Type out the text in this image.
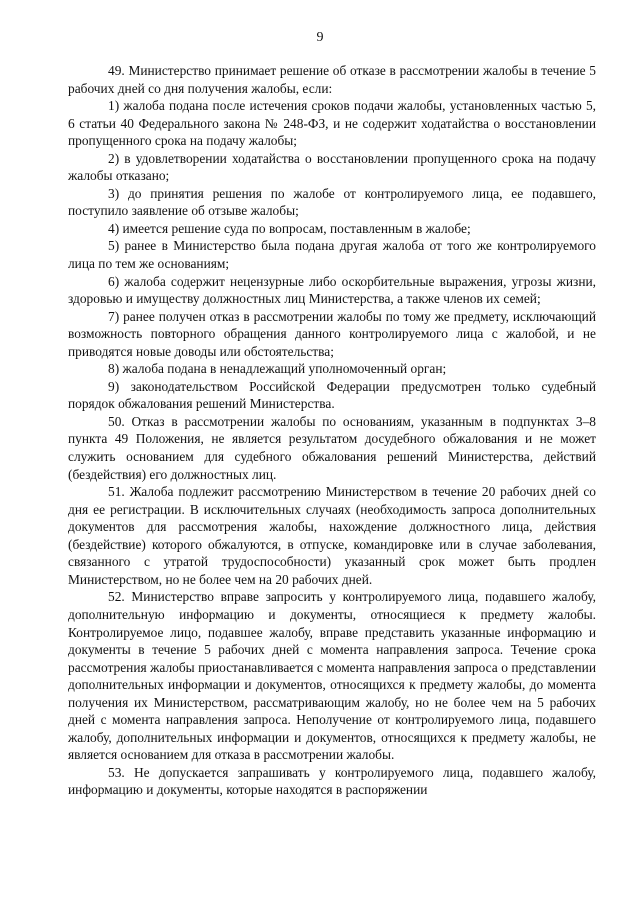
9

49. Министерство принимает решение об отказе в рассмотрении жалобы в течение 5 рабочих дней со дня получения жалобы, если:

1) жалоба подана после истечения сроков подачи жалобы, установленных частью 5, 6 статьи 40 Федерального закона № 248-ФЗ, и не содержит ходатайства о восстановлении пропущенного срока на подачу жалобы;

2) в удовлетворении ходатайства о восстановлении пропущенного срока на подачу жалобы отказано;

3) до принятия решения по жалобе от контролируемого лица, ее подавшего, поступило заявление об отзыве жалобы;

4) имеется решение суда по вопросам, поставленным в жалобе;

5) ранее в Министерство была подана другая жалоба от того же контролируемого лица по тем же основаниям;

6) жалоба содержит нецензурные либо оскорбительные выражения, угрозы жизни, здоровью и имуществу должностных лиц Министерства, а также членов их семей;

7) ранее получен отказ в рассмотрении жалобы по тому же предмету, исключающий возможность повторного обращения данного контролируемого лица с жалобой, и не приводятся новые доводы или обстоятельства;

8) жалоба подана в ненадлежащий уполномоченный орган;

9) законодательством Российской Федерации предусмотрен только судебный порядок обжалования решений Министерства.

50. Отказ в рассмотрении жалобы по основаниям, указанным в подпунктах 3–8 пункта 49 Положения, не является результатом досудебного обжалования и не может служить основанием для судебного обжалования решений Министерства, действий (бездействия) его должностных лиц.

51. Жалоба подлежит рассмотрению Министерством в течение 20 рабочих дней со дня ее регистрации. В исключительных случаях (необходимость запроса дополнительных документов для рассмотрения жалобы, нахождение должностного лица, действия (бездействие) которого обжалуются, в отпуске, командировке или в случае заболевания, связанного с утратой трудоспособности) указанный срок может быть продлен Министерством, но не более чем на 20 рабочих дней.

52. Министерство вправе запросить у контролируемого лица, подавшего жалобу, дополнительную информацию и документы, относящиеся к предмету жалобы. Контролируемое лицо, подавшее жалобу, вправе представить указанные информацию и документы в течение 5 рабочих дней с момента направления запроса. Течение срока рассмотрения жалобы приостанавливается с момента направления запроса о представлении дополнительных информации и документов, относящихся к предмету жалобы, до момента получения их Министерством, рассматривающим жалобу, но не более чем на 5 рабочих дней с момента направления запроса. Неполучение от контролируемого лица, подавшего жалобу, дополнительных информации и документов, относящихся к предмету жалобы, не является основанием для отказа в рассмотрении жалобы.

53. Не допускается запрашивать у контролируемого лица, подавшего жалобу, информацию и документы, которые находятся в распоряжении
